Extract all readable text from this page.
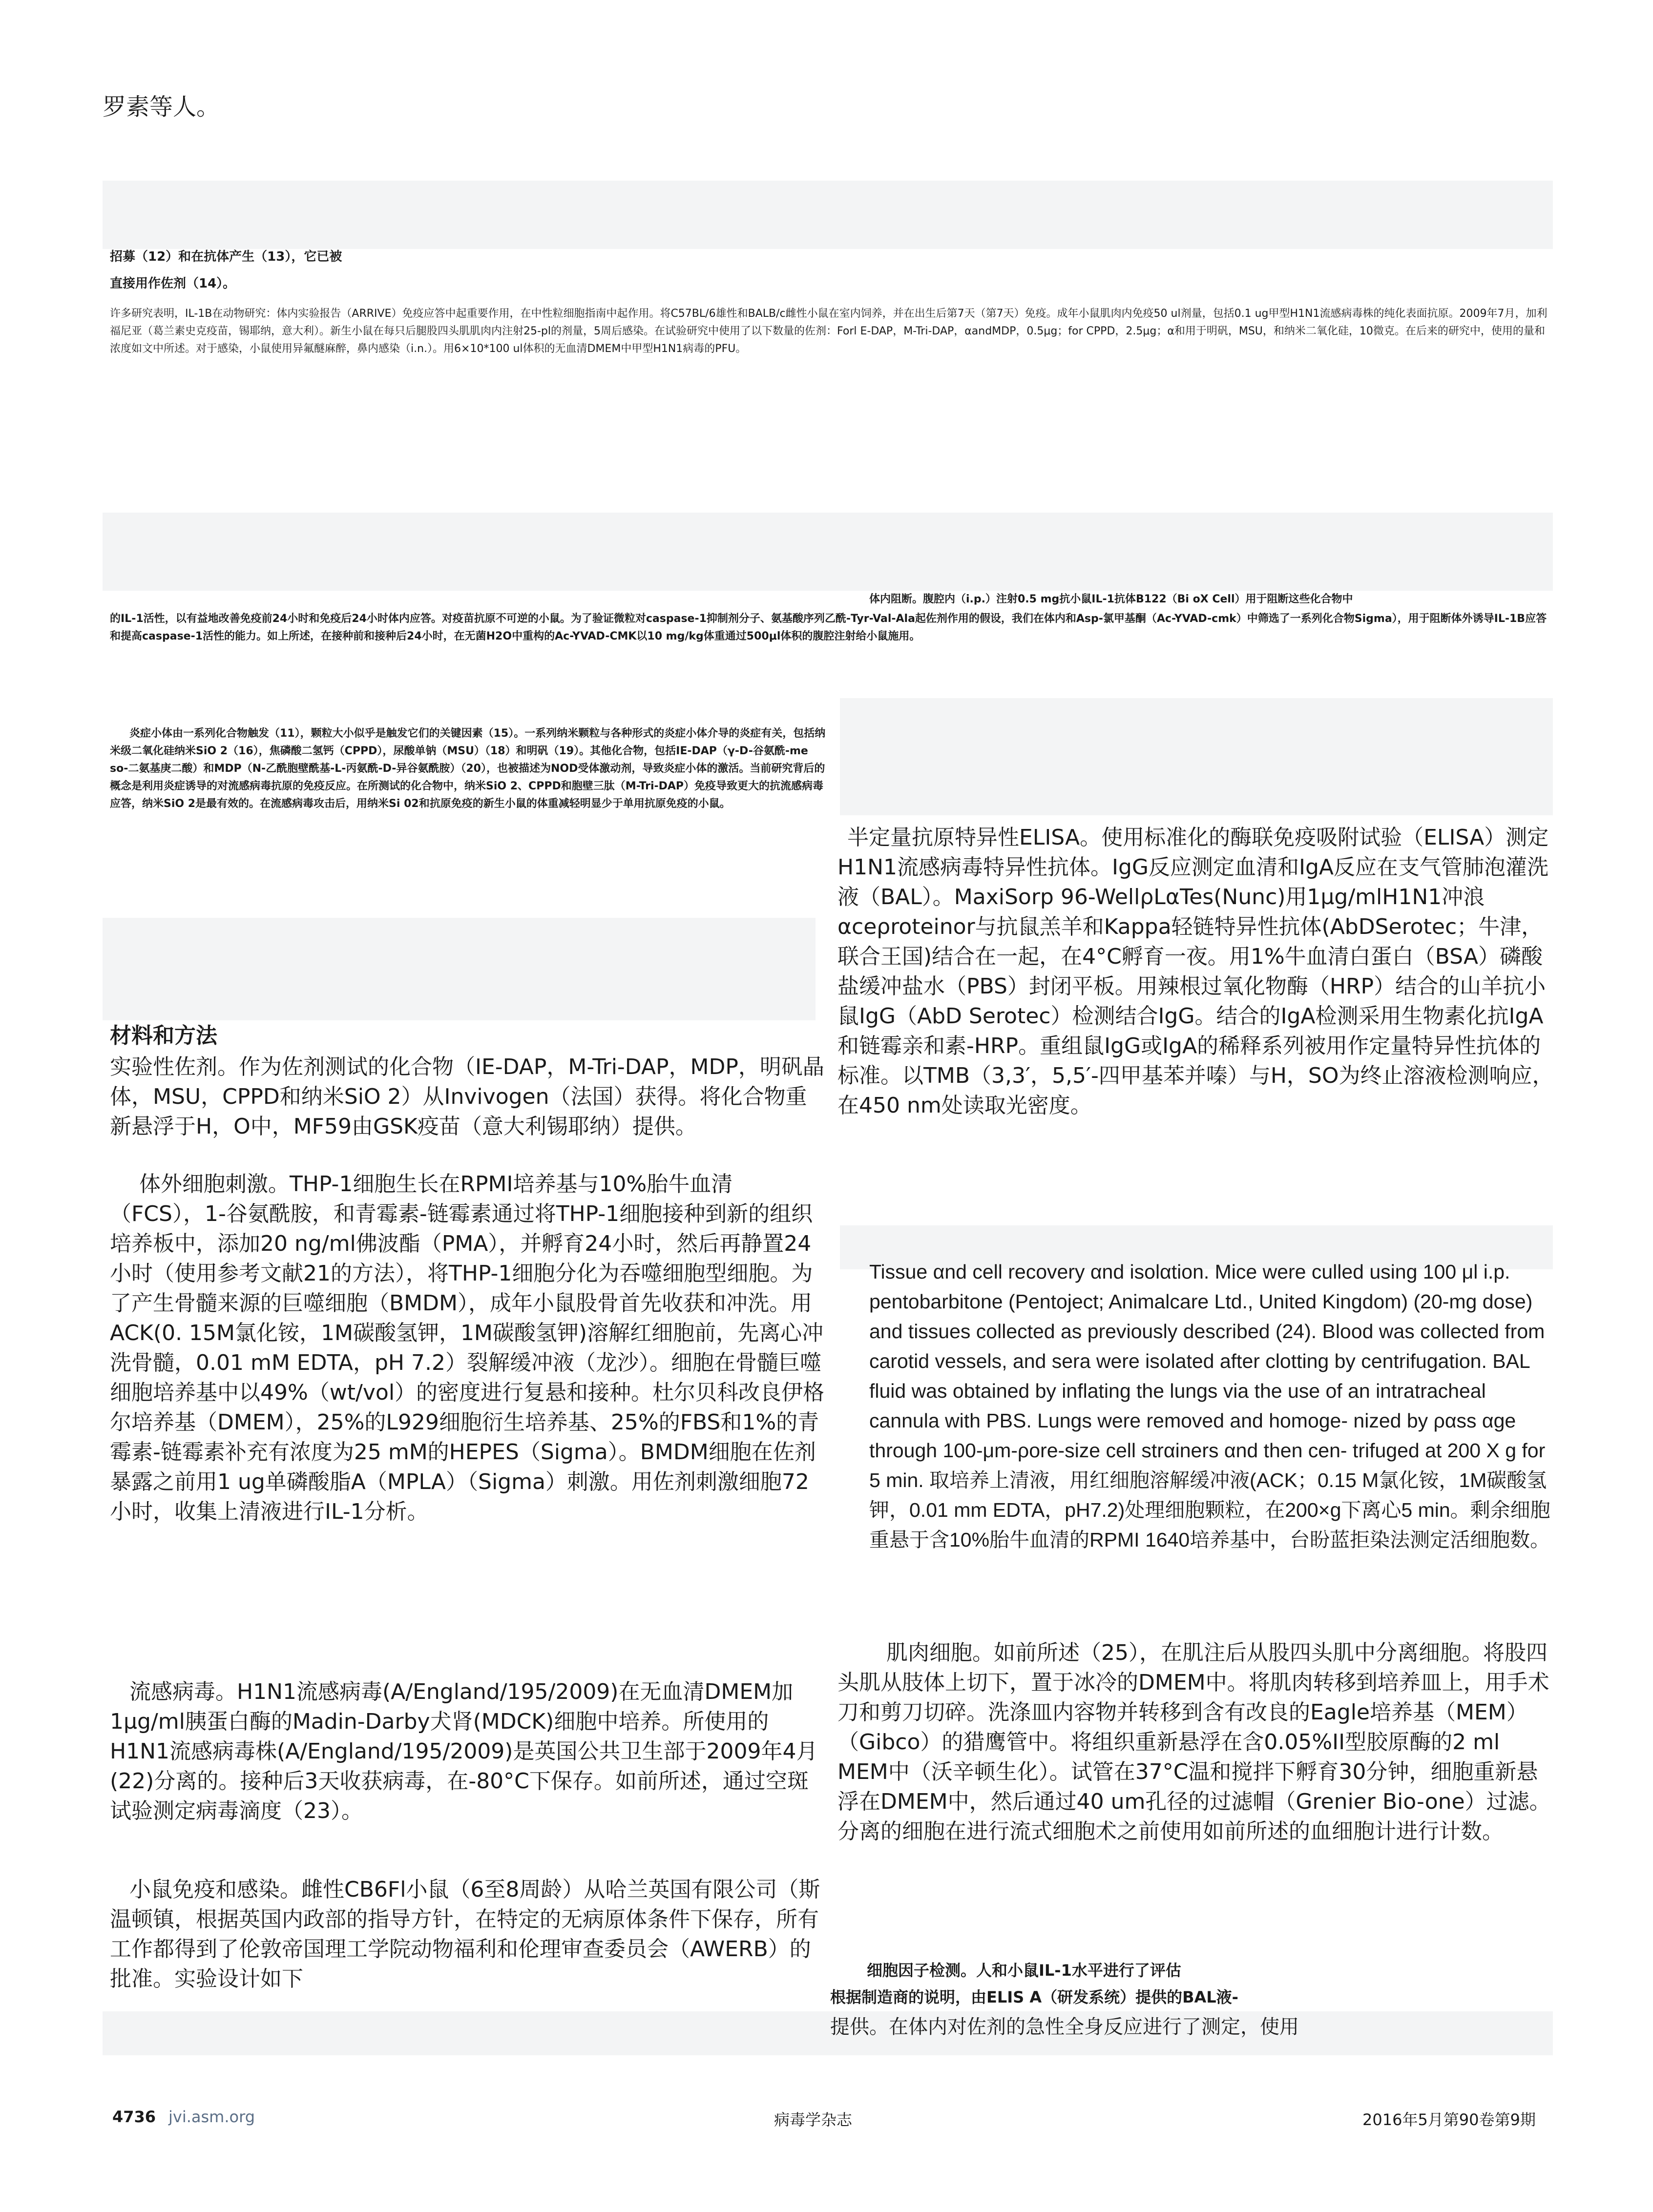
罗素等人。
招募（12）和在抗体产生（13），它已被
直接用作佐剂（14）。
许多研究表明，IL-1B在动物研究：体内实验报告（ARRIVE）免疫应答中起重要作用，在中性粒细胞指南中起作用。将C57BL/6雄性和BALB/c雌性小鼠在室内饲养，并在出生后第7天（第7天）免疫。成年小鼠肌肉内免疫50 ul剂量，包括0.1 ug甲型H1N1流感病毒株的纯化表面抗原。2009年7月，加利福尼亚（葛兰素史克疫苗，锡耶纳，意大利）。新生小鼠在每只后腿股四头肌肌肉内注射25-pl的剂量，5周后感染。在试验研究中使用了以下数量的佐剂：Forl E-DAP，M-Tri-DAP，αandMDP，0.5μg；for CPPD，2.5μg；α和用于明矾，MSU，和纳米二氧化硅，10微克。在后来的研究中，使用的量和浓度如文中所述。对于感染，小鼠使用异氟醚麻醉，鼻内感染（i.n.）。用6×10*100 ul体积的无血清DMEM中甲型H1N1病毒的PFU。
体内阻断。腹腔内（i.p.）注射0.5 mg抗小鼠IL-1抗体B122（Bi oX Cell）用于阻断这些化合物中
的IL-1活性，以有益地改善免疫前24小时和免疫后24小时体内应答。对疫苗抗原不可逆的小鼠。为了验证微粒对caspase-1抑制剂分子、氨基酸序列乙酰-Tyr-Val-Ala起佐剂作用的假设，我们在体内和Asp-氯甲基酮（Ac-YVAD-cmk）中筛选了一系列化合物Sigma），用于阻断体外诱导IL-1B应答和提高caspase-1活性的能力。如上所述，在接种前和接种后24小时，在无菌H2O中重构的Ac-YVAD-CMK以10 mg/kg体重通过500μl体积的腹腔注射给小鼠施用。
炎症小体由一系列化合物触发（11），颗粒大小似乎是触发它们的关键因素（15）。一系列纳米颗粒与各种形式的炎症小体介导的炎症有关，包括纳米级二氧化硅纳米SiO 2（16），焦磷酸二氢钙（CPPD），尿酸单钠（MSU）（18）和明矾（19）。其他化合物，包括IE-DAP（γ-D-谷氨酰-me so-二氨基庚二酸）和MDP（N-乙酰胞壁酰基-L-丙氨酰-D-异谷氨酰胺）（20），也被描述为NOD受体激动剂，导致炎症小体的激活。当前研究背后的概念是利用炎症诱导的对流感病毒抗原的免疫反应。在所测试的化合物中，纳米SiO 2、CPPD和胞壁三肽（M-Tri-DAP）免疫导致更大的抗流感病毒应答，纳米SiO 2是最有效的。在流感病毒攻击后，用纳米Si 02和抗原免疫的新生小鼠的体重减轻明显少于单用抗原免疫的小鼠。
材料和方法
实验性佐剂。作为佐剂测试的化合物（IE-DAP，M-Tri-DAP，MDP，明矾晶体，MSU，CPPD和纳米SiO 2）从Invivogen（法国）获得。将化合物重新悬浮于H，O中，MF59由GSK疫苗（意大利锡耶纳）提供。
体外细胞刺激。THP-1细胞生长在RPMI培养基与10%胎牛血清（FCS），1-谷氨酰胺，和青霉素-链霉素通过将THP-1细胞接种到新的组织培养板中，添加20 ng/ml佛波酯（PMA），并孵育24小时，然后再静置24小时（使用参考文献21的方法），将THP-1细胞分化为吞噬细胞型细胞。为了产生骨髓来源的巨噬细胞（BMDM），成年小鼠股骨首先收获和冲洗。用ACK(0. 15M氯化铵，1M碳酸氢钾，1M碳酸氢钾)溶解红细胞前，先离心冲洗骨髓，0.01 mM EDTA，pH 7.2）裂解缓冲液（龙沙）。细胞在骨髓巨噬细胞培养基中以49%（wt/vol）的密度进行复悬和接种。杜尔贝科改良伊格尔培养基（DMEM），25%的L929细胞衍生培养基、25%的FBS和1%的青霉素-链霉素补充有浓度为25 mM的HEPES（Sigma）。BMDM细胞在佐剂暴露之前用1 ug单磷酸脂A（MPLA）（Sigma）刺激。用佐剂刺激细胞72小时，收集上清液进行IL-1分析。
流感病毒。H1N1流感病毒(A/England/195/2009)在无血清DMEM加1μg/ml胰蛋白酶的Madin-Darby犬肾(MDCK)细胞中培养。所使用的H1N1流感病毒株(A/England/195/2009)是英国公共卫生部于2009年4月(22)分离的。接种后3天收获病毒，在-80°C下保存。如前所述，通过空斑试验测定病毒滴度（23）。
小鼠免疫和感染。雌性CB6Fl小鼠（6至8周龄）从哈兰英国有限公司（斯温顿镇，根据英国内政部的指导方针，在特定的无病原体条件下保存，所有工作都得到了伦敦帝国理工学院动物福利和伦理审查委员会（AWERB）的批准。实验设计如下
半定量抗原特异性ELISA。使用标准化的酶联免疫吸附试验（ELISA）测定H1N1流感病毒特异性抗体。IgG反应测定血清和IgA反应在支气管肺泡灌洗液（BAL）。MaxiSorp 96-WellρLαTes(Nunc)用1μg/mlH1N1冲浪αceρroteinor与抗鼠羔羊和Kappa轻链特异性抗体(AbDSerotec；牛津，联合王国)结合在一起，在4°C孵育一夜。用1%牛血清白蛋白（BSA）磷酸盐缓冲盐水（PBS）封闭平板。用辣根过氧化物酶（HRP）结合的山羊抗小鼠IgG（AbD Serotec）检测结合IgG。结合的IgA检测采用生物素化抗IgA和链霉亲和素-HRP。重组鼠IgG或IgA的稀释系列被用作定量特异性抗体的标准。以TMB（3,3′，5,5′-四甲基苯并嗪）与H，SO为终止溶液检测响应，在450 nm处读取光密度。
Tissue αnd cell recovery αnd isolαtion. Mice were culled using 100 μl i.p. pentobarbitone (Pentoject; Animalcare Ltd., United Kingdom) (20-mg dose) and tissues collected as previously described (24). Blood was collected from carotid vessels, and sera were isolated after clotting by centrifugation. BAL fluid was obtained by inflating the lungs via the use of an intratracheal cannula with PBS. Lungs were removed and homoge- nized by ραss αge through 100-μm-ρore-size cell strαiners αnd then cen- trifuged at 200 X g for 5 min. 取培养上清液，用红细胞溶解缓冲液(ACK；0.15 M氯化铵，1M碳酸氢钾，0.01 mm EDTA，pH7.2)处理细胞颗粒，在200×g下离心5 min。剩余细胞重悬于含10%胎牛血清的RPMI 1640培养基中，台盼蓝拒染法测定活细胞数。
肌肉细胞。如前所述（25），在肌注后从股四头肌中分离细胞。将股四头肌从肢体上切下，置于冰冷的DMEM中。将肌肉转移到培养皿上，用手术刀和剪刀切碎。洗涤皿内容物并转移到含有改良的Eagle培养基（MEM）（Gibco）的猎鹰管中。将组织重新悬浮在含0.05%II型胶原酶的2 ml MEM中（沃辛顿生化）。试管在37°C温和搅拌下孵育30分钟，细胞重新悬浮在DMEM中，然后通过40 um孔径的过滤帽（Grenier Bio-one）过滤。分离的细胞在进行流式细胞术之前使用如前所述的血细胞计进行计数。
细胞因子检测。人和小鼠IL-1水平进行了评估
根据制造商的说明，由ELIS A（研发系统）提供的BAL液-
提供。在体内对佐剂的急性全身反应进行了测定，使用
4736 jvi.asm.org	病毒学杂志	2016年5月第90卷第9期
